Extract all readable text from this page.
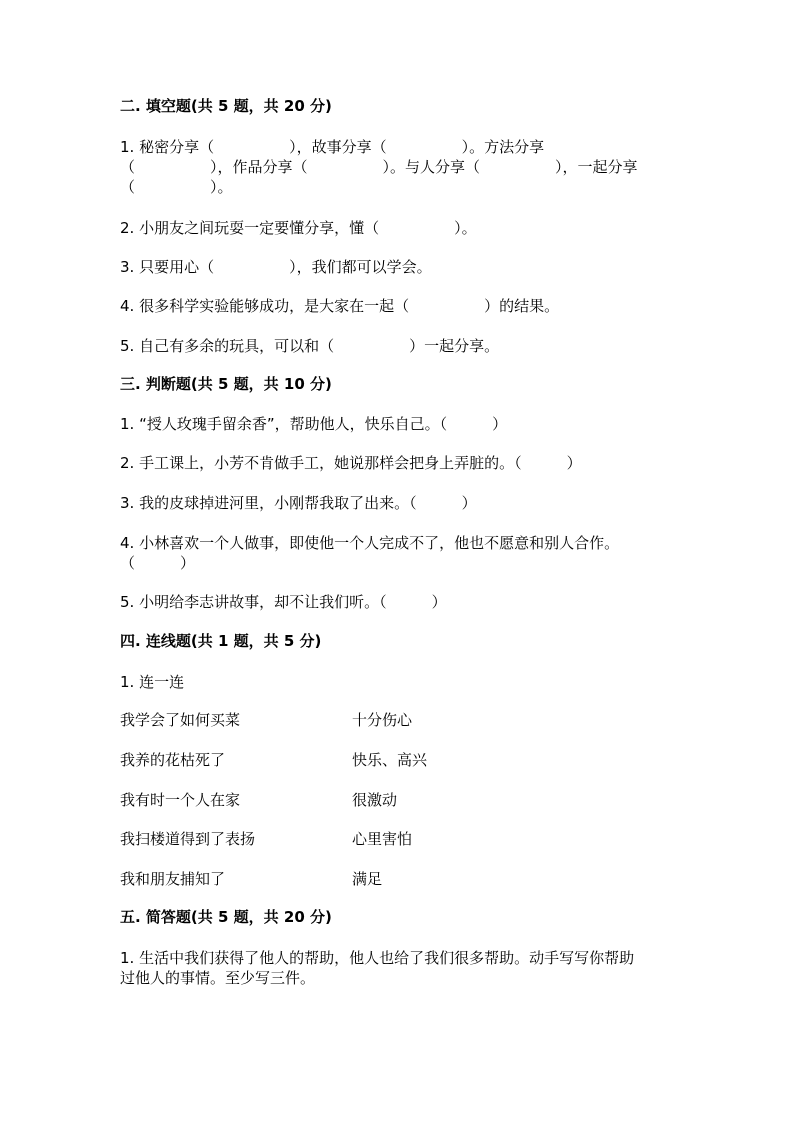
二. 填空题(共 5 题，共 20 分)

1. 秘密分享（　　　　　），故事分享（　　　　　）。方法分享

（　　　　　），作品分享（　　　　　）。与人分享（　　　　　），一起分享

（　　　　　）。

2. 小朋友之间玩耍一定要懂分享，懂（　　　　　）。

3. 只要用心（　　　　　），我们都可以学会。

4. 很多科学实验能够成功，是大家在一起（　　　　　）的结果。

5. 自己有多余的玩具，可以和（　　　　　）一起分享。

三. 判断题(共 5 题，共 10 分)

1. “授人玫瑰手留余香”，帮助他人，快乐自己。（　　　）

2. 手工课上，小芳不肯做手工，她说那样会把身上弄脏的。（　　　）

3. 我的皮球掉进河里，小刚帮我取了出来。（　　　）

4. 小林喜欢一个人做事，即使他一个人完成不了，他也不愿意和别人合作。

（　　　）

5. 小明给李志讲故事，却不让我们听。（　　　）

四. 连线题(共 1 题，共 5 分)

1. 连一连

我学会了如何买菜	十分伤心

我养的花枯死了	快乐、高兴

我有时一个人在家	很激动

我扫楼道得到了表扬	心里害怕

我和朋友捕知了	满足

五. 简答题(共 5 题，共 20 分)

1. 生活中我们获得了他人的帮助，他人也给了我们很多帮助。动手写写你帮助

过他人的事情。至少写三件。
